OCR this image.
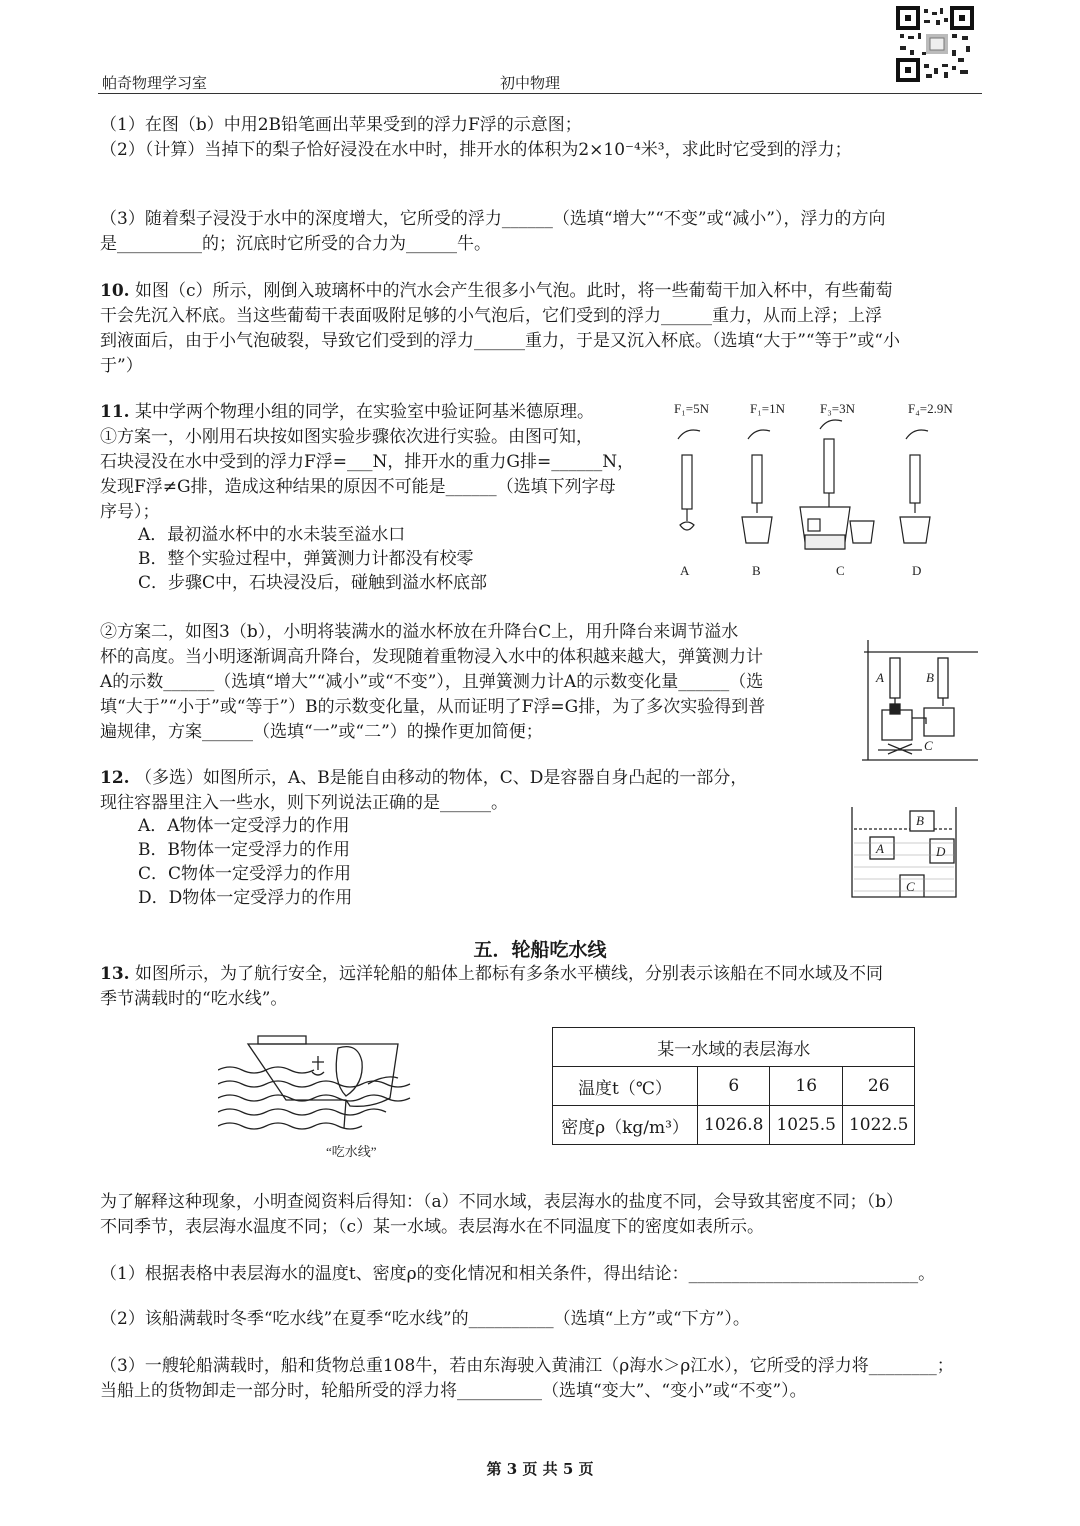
帕奇物理学习室	初中物理
（1）在图（b）中用2B铅笔画出苹果受到的浮力F浮的示意图；
（2）（计算）当掉下的梨子恰好浸没在水中时，排开水的体积为2×10⁻⁴米³，求此时它受到的浮力；
（3）随着梨子浸没于水中的深度增大，它所受的浮力______（选填“增大”“不变”或“减小”），浮力的方向
是__________的；沉底时它所受的合力为______牛。
10. 如图（c）所示，刚倒入玻璃杯中的汽水会产生很多小气泡。此时，将一些葡萄干加入杯中，有些葡萄
干会先沉入杯底。当这些葡萄干表面吸附足够的小气泡后，它们受到的浮力______重力，从而上浮；上浮
到液面后，由于小气泡破裂，导致它们受到的浮力______重力，于是又沉入杯底。（选填“大于”“等于”或“小
于”）
11. 某中学两个物理小组的同学，在实验室中验证阿基米德原理。
①方案一，小刚用石块按如图实验步骤依次进行实验。由图可知，
石块浸没在水中受到的浮力F浮=___N，排开水的重力G排=______N，
发现F浮≠G排，造成这种结果的原因不可能是______（选填下列字母
序号）；
A．最初溢水杯中的水未装至溢水口
B．整个实验过程中，弹簧测力计都没有校零
C．步骤C中，石块浸没后，碰触到溢水杯底部
F₁=5N	F₁=1N	F₃=3N	F₄=2.9N
A	B	C	D
②方案二，如图3（b），小明将装满水的溢水杯放在升降台C上，用升降台来调节溢水
杯的高度。当小明逐渐调高升降台，发现随着重物浸入水中的体积越来越大，弹簧测力计
A的示数______（选填“增大”“减小”或“不变”），且弹簧测力计A的示数变化量______（选
填“大于”“小于”或“等于”）B的示数变化量，从而证明了F浮=G排，为了多次实验得到普
遍规律，方案______（选填“一”或“二”）的操作更加简便；
A	B
C
12. （多选）如图所示，A、B是能自由移动的物体，C、D是容器自身凸起的一部分，
现往容器里注入一些水，则下列说法正确的是______。
A．A物体一定受浮力的作用
B．B物体一定受浮力的作用
C．C物体一定受浮力的作用
D．D物体一定受浮力的作用
A
B
C
D
五．轮船吃水线
13. 如图所示，为了航行安全，远洋轮船的船体上都标有多条水平横线，分别表示该船在不同水域及不同
季节满载时的“吃水线”。
“吃水线”
某一水域的表层海水			
温度t（℃）	6	16	26
密度ρ（kg/m³）	1026.8	1025.5	1022.5
为了解释这种现象，小明查阅资料后得知：（a）不同水域，表层海水的盐度不同，会导致其密度不同；（b）
不同季节，表层海水温度不同；（c）某一水域。表层海水在不同温度下的密度如表所示。
（1）根据表格中表层海水的温度t、密度ρ的变化情况和相关条件，得出结论：___________________________。
（2）该船满载时冬季“吃水线”在夏季“吃水线”的__________（选填“上方”或“下方”）。
（3）一艘轮船满载时，船和货物总重108牛，若由东海驶入黄浦江（ρ海水＞ρ江水），它所受的浮力将________；
当船上的货物卸走一部分时，轮船所受的浮力将__________（选填“变大”、“变小”或“不变”）。
第 3 页 共 5 页
